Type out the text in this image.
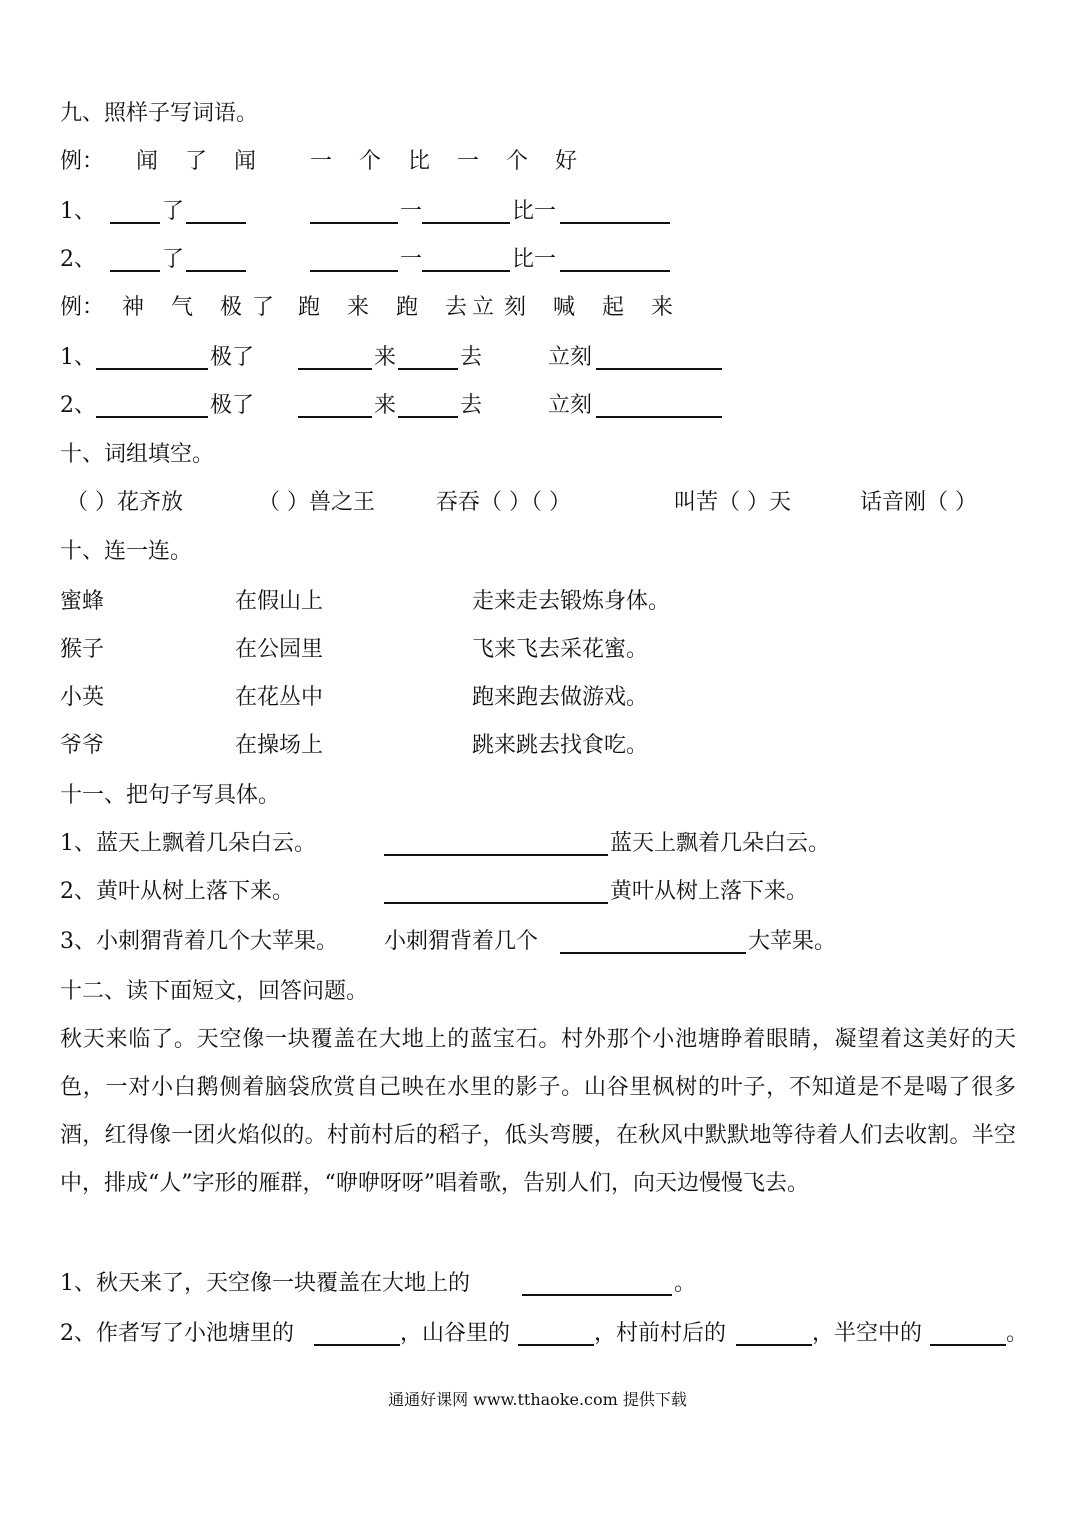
九、照样子写词语。
例： 闻 了 闻 一 个 比 一 个 好
1、	了	一	比一
2、	了	一	比一
例： 神 气 极了 跑 来 跑 去
立刻 喊 起 来
1、	极了	来	去	立刻
2、	极了	来	去	立刻
十、词组填空。
（ ）花齐放	（ ）兽之王	吞吞（ ）（ ）	叫苦（ ）天	话音刚（ ）
十、连一连。
蜜蜂	在假山上	走来走去锻炼身体。
猴子	在公园里	飞来飞去采花蜜。
小英	在花丛中	跑来跑去做游戏。
爷爷	在操场上	跳来跳去找食吃。
十一、把句子写具体。
1、蓝天上飘着几朵白云。	蓝天上飘着几朵白云。
2、黄叶从树上落下来。	黄叶从树上落下来。
3、小刺猬背着几个大苹果。 小刺猬背着几个	大苹果。
十二、读下面短文，回答问题。
秋天来临了。天空像一块覆盖在大地上的蓝宝石。村外那个小池塘睁着眼睛，凝望着这美好的天色，一对小白鹅侧着脑袋欣赏自己映在水里的影子。山谷里枫树的叶子，不知道是不是喝了很多酒，红得像一团火焰似的。村前村后的稻子，低头弯腰，在秋风中默默地等待着人们去收割。半空中，排成“人”字形的雁群，“咿咿呀呀”唱着歌，告别人们，向天边慢慢飞去。
1、秋天来了，天空像一块覆盖在大地上的	。
2、作者写了小池塘里的	，山谷里的	，村前村后的	，半空中的	。
通通好课网 www.tthaoke.com 提供下载
